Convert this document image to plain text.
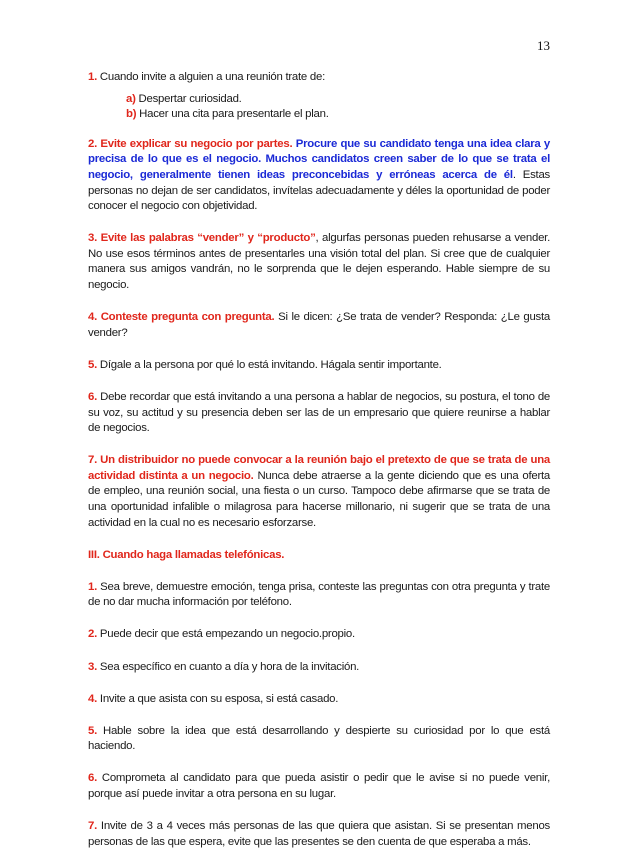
13

1. Cuando invite a alguien a una reunión trate de:

a) Despertar curiosidad.

b) Hacer una cita para presentarle el plan.

2. Evite explicar su negocio por partes. Procure que su candidato tenga una idea clara y precisa de lo que es el negocio. Muchos candidatos creen saber de lo que se trata el negocio, generalmente tienen ideas preconcebidas y erróneas acerca de él. Estas personas no dejan de ser candidatos, invítelas adecuadamente y déles la oportunidad de poder conocer el negocio con objetividad.

3. Evite las palabras “vender” y “producto”, algurfas personas pueden rehusarse a vender. No use esos términos antes de presentarles una visión total del plan. Si cree que de cualquier manera sus amigos vandrán, no le sorprenda que le dejen esperando. Hable siempre de su negocio.

4. Conteste pregunta con pregunta. Si le dicen: ¿Se trata de vender? Responda: ¿Le gusta vender?

5. Dígale a la persona por qué lo está invitando. Hágala sentir importante.

6. Debe recordar que está invitando a una persona a hablar de negocios, su postura, el tono de su voz, su actitud y su presencia deben ser las de un empresario que quiere reunirse a hablar de negocios.

7. Un distribuidor no puede convocar a la reunión bajo el pretexto de que se trata de una actividad distinta a un negocio. Nunca debe atraerse a la gente diciendo que es una oferta de empleo, una reunión social, una fiesta o un curso. Tampoco debe afirmarse que se trata de una oportunidad infalible o milagrosa para hacerse millonario, ni sugerir que se trata de una actividad en la cual no es necesario esforzarse.

III. Cuando haga llamadas telefónicas.

1. Sea breve, demuestre emoción, tenga prisa, conteste las preguntas con otra pregunta y trate de no dar mucha información por teléfono.

2. Puede decir que está empezando un negocio.propio.

3. Sea específico en cuanto a día y hora de la invitación.

4. Invite a que asista con su esposa, si está casado.

5. Hable sobre la idea que está desarrollando y despierte su curiosidad por lo que está haciendo.

6. Comprometa al candidato para que pueda asistir o pedir que le avise si no puede venir, porque así puede invitar a otra persona en su lugar.

7. Invite de 3 a 4 veces más personas de las que quiera que asistan. Si se presentan menos personas de las que espera, evite que las presentes se den cuenta de que esperaba a más.
